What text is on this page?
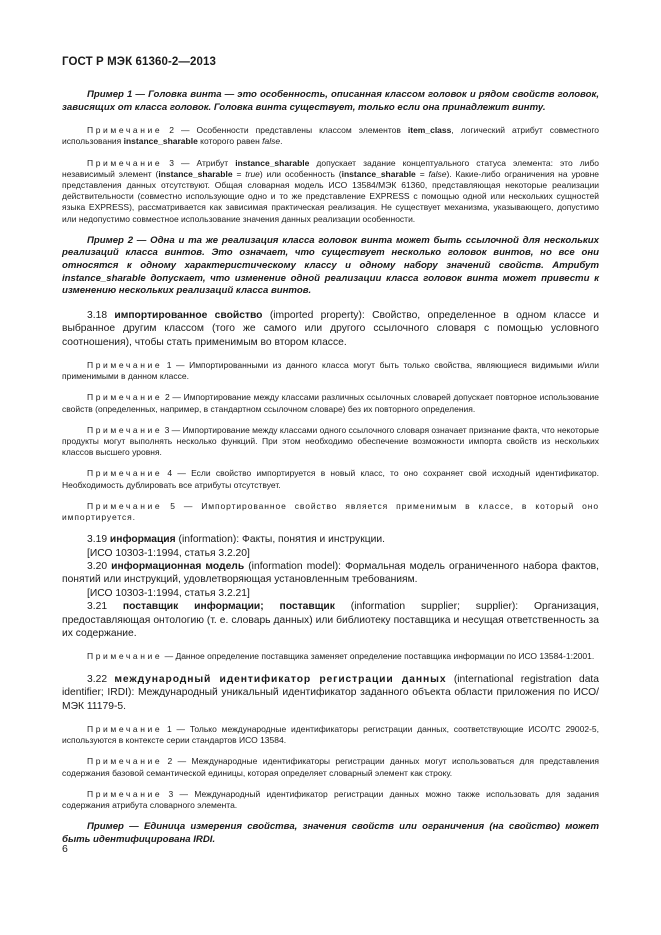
ГОСТ Р МЭК 61360-2—2013

Пример 1 — Головка винта — это особенность, описанная классом головок и рядом свойств головок, зависящих от класса головок. Головка винта существует, только если она принадлежит винту.

Примечание 2 — Особенности представлены классом элементов item_class, логический атрибут совместного использования instance_sharable которого равен false.

Примечание 3 — Атрибут instance_sharable допускает задание концептуального статуса элемента: это либо независимый элемент (instance_sharable = true) или особенность (instance_sharable = false). Какие-либо ограничения на уровне представления данных отсутствуют. Общая словарная модель ИСО 13584/МЭК 61360, представляющая некоторые реализации действительности (совместно использующие одно и то же представление EXPRESS с помощью одной или нескольких сущностей языка EXPRESS), рассматривается как зависимая практическая реализация. Не существует механизма, указывающего, допустимо или недопустимо совместное использование значения данных реализации особенности.

Пример 2 — Одна и та же реализация класса головок винта может быть ссылочной для нескольких реализаций класса винтов. Это означает, что существует несколько головок винтов, но все они относятся к одному характеристическому классу и одному набору значений свойств. Атрибут instance_sharable допускает, что изменение одной реализации класса головок винта может привести к изменению нескольких реализаций класса винтов.

3.18 импортированное свойство (imported property): Свойство, определенное в одном классе и выбранное другим классом (того же самого или другого ссылочного словаря с помощью условного соотношения), чтобы стать применимым во втором классе.

Примечание 1 — Импортированными из данного класса могут быть только свойства, являющиеся видимыми и/или применимыми в данном классе.

Примечание 2 — Импортирование между классами различных ссылочных словарей допускает повторное использование свойств (определенных, например, в стандартном ссылочном словаре) без их повторного определения.

Примечание 3 — Импортирование между классами одного ссылочного словаря означает признание факта, что некоторые продукты могут выполнять несколько функций. При этом необходимо обеспечение возможности импорта свойств из нескольких классов высшего уровня.

Примечание 4 — Если свойство импортируется в новый класс, то оно сохраняет свой исходный идентификатор. Необходимость дублировать все атрибуты отсутствует.

Примечание 5 — Импортированное свойство является применимым в классе, в который оно импортируется.

3.19 информация (information): Факты, понятия и инструкции.

[ИСО 10303-1:1994, статья 3.2.20]

3.20 информационная модель (information model): Формальная модель ограниченного набора фактов, понятий или инструкций, удовлетворяющая установленным требованиям.

[ИСО 10303-1:1994, статья 3.2.21]

3.21 поставщик информации; поставщик (information supplier; supplier): Организация, предоставляющая онтологию (т. е. словарь данных) или библиотеку поставщика и несущая ответственность за их содержание.

Примечание — Данное определение поставщика заменяет определение поставщика информации по ИСО 13584-1:2001.

3.22 международный идентификатор регистрации данных (international registration data identifier; IRDI): Международный уникальный идентификатор заданного объекта области приложения по ИСО/МЭК 11179-5.

Примечание 1 — Только международные идентификаторы регистрации данных, соответствующие ИСО/ТС 29002-5, используются в контексте серии стандартов ИСО 13584.

Примечание 2 — Международные идентификаторы регистрации данных могут использоваться для представления содержания базовой семантической единицы, которая определяет словарный элемент как строку.

Примечание 3 — Международный идентификатор регистрации данных можно также использовать для задания содержания атрибута словарного элемента.

Пример — Единица измерения свойства, значения свойств или ограничения (на свойство) может быть идентифицирована IRDI.

6
